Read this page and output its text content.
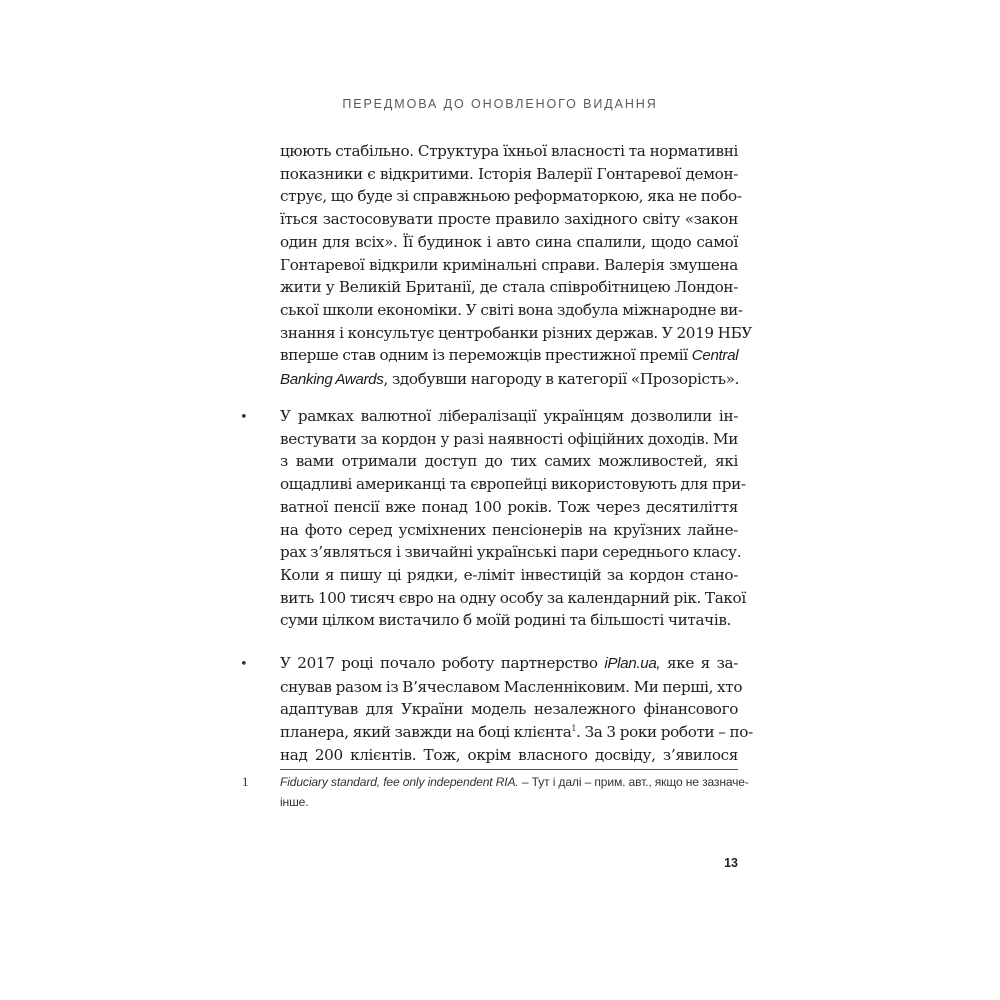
ПЕРЕДМОВА ДО ОНОВЛЕНОГО ВИДАННЯ
цюють стабільно. Структура їхньої власності та нормативні
показники є відкритими. Історія Валерії Гонтаревої демон-
струє, що буде зі справжньою реформаторкою, яка не побо-
їться застосовувати просте правило західного світу «закон
один для всіх». Її будинок і авто сина спалили, щодо самої
Гонтаревої відкрили кримінальні справи. Валерія змушена
жити у Великій Британії, де стала співробітницею Лондон-
ської школи економіки. У світі вона здобула міжнародне ви-
знання і консультує центробанки різних держав. У 2019 НБУ
вперше став одним із переможців престижної премії Central
Banking Awards, здобувши нагороду в категорії «Прозорість».
• У рамках валютної лібералізації українцям дозволили ін-
вестувати за кордон у разі наявності офіційних доходів. Ми
з вами отримали доступ до тих самих можливостей, які
ощадливі американці та європейці використовують для при-
ватної пенсії вже понад 100 років. Тож через десятиліття
на фото серед усміхнених пенсіонерів на круїзних лайне-
рах з’являться і звичайні українські пари середнього класу.
Коли я пишу ці рядки, е-ліміт інвестицій за кордон стано-
вить 100 тисяч євро на одну особу за календарний рік. Такої
суми цілком вистачило б моїй родині та більшості читачів.
• У 2017 році почало роботу партнерство iPlan.ua, яке я за-
снував разом із В’ячеславом Масленніковим. Ми перші, хто
адаптував для України модель незалежного фінансового
планера, який завжди на боці клієнта$^1$. За 3 роки роботи – по-
над 200 клієнтів. Тож, окрім власного досвіду, з’явилося
1	Fiduciary standard, fee only independent RIA. – Тут і далі – прим. авт., якщо не зазначе-
інше.
13
